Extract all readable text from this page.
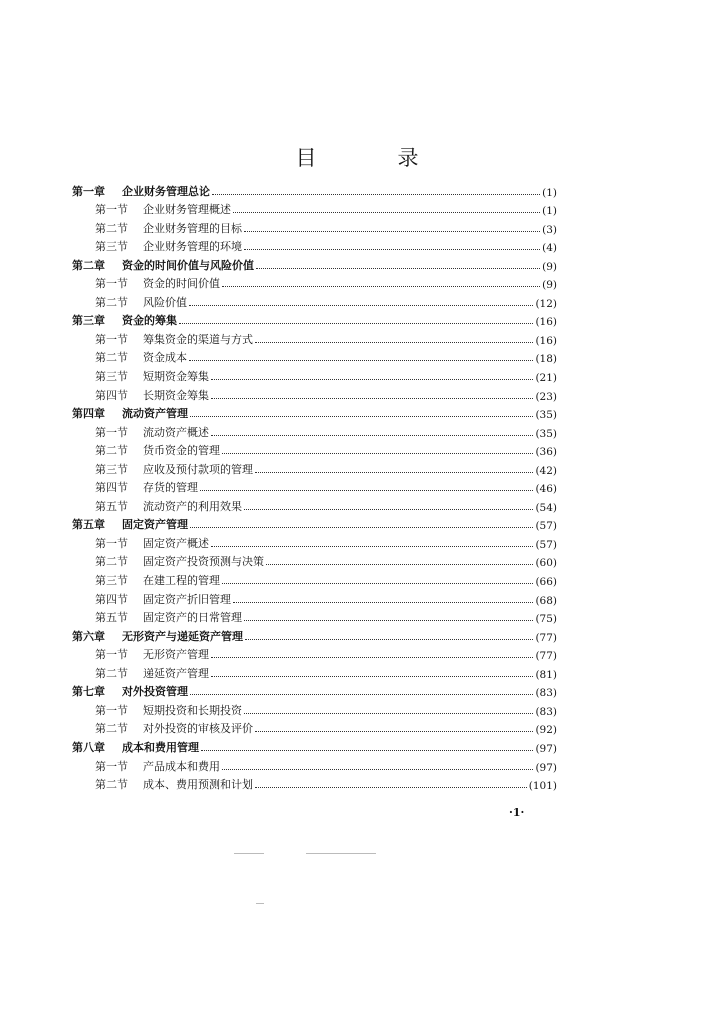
目　录
第一章	企业财务管理总论	(1)
第一节	企业财务管理概述	(1)
第二节	企业财务管理的目标	(3)
第三节	企业财务管理的环境	(4)
第二章	资金的时间价值与风险价值	(9)
第一节	资金的时间价值	(9)
第二节	风险价值	(12)
第三章	资金的筹集	(16)
第一节	筹集资金的渠道与方式	(16)
第二节	资金成本	(18)
第三节	短期资金筹集	(21)
第四节	长期资金筹集	(23)
第四章	流动资产管理	(35)
第一节	流动资产概述	(35)
第二节	货币资金的管理	(36)
第三节	应收及预付款项的管理	(42)
第四节	存货的管理	(46)
第五节	流动资产的利用效果	(54)
第五章	固定资产管理	(57)
第一节	固定资产概述	(57)
第二节	固定资产投资预测与决策	(60)
第三节	在建工程的管理	(66)
第四节	固定资产折旧管理	(68)
第五节	固定资产的日常管理	(75)
第六章	无形资产与递延资产管理	(77)
第一节	无形资产管理	(77)
第二节	递延资产管理	(81)
第七章	对外投资管理	(83)
第一节	短期投资和长期投资	(83)
第二节	对外投资的审核及评价	(92)
第八章	成本和费用管理	(97)
第一节	产品成本和费用	(97)
第二节	成本、费用预测和计划	(101)
·1·
